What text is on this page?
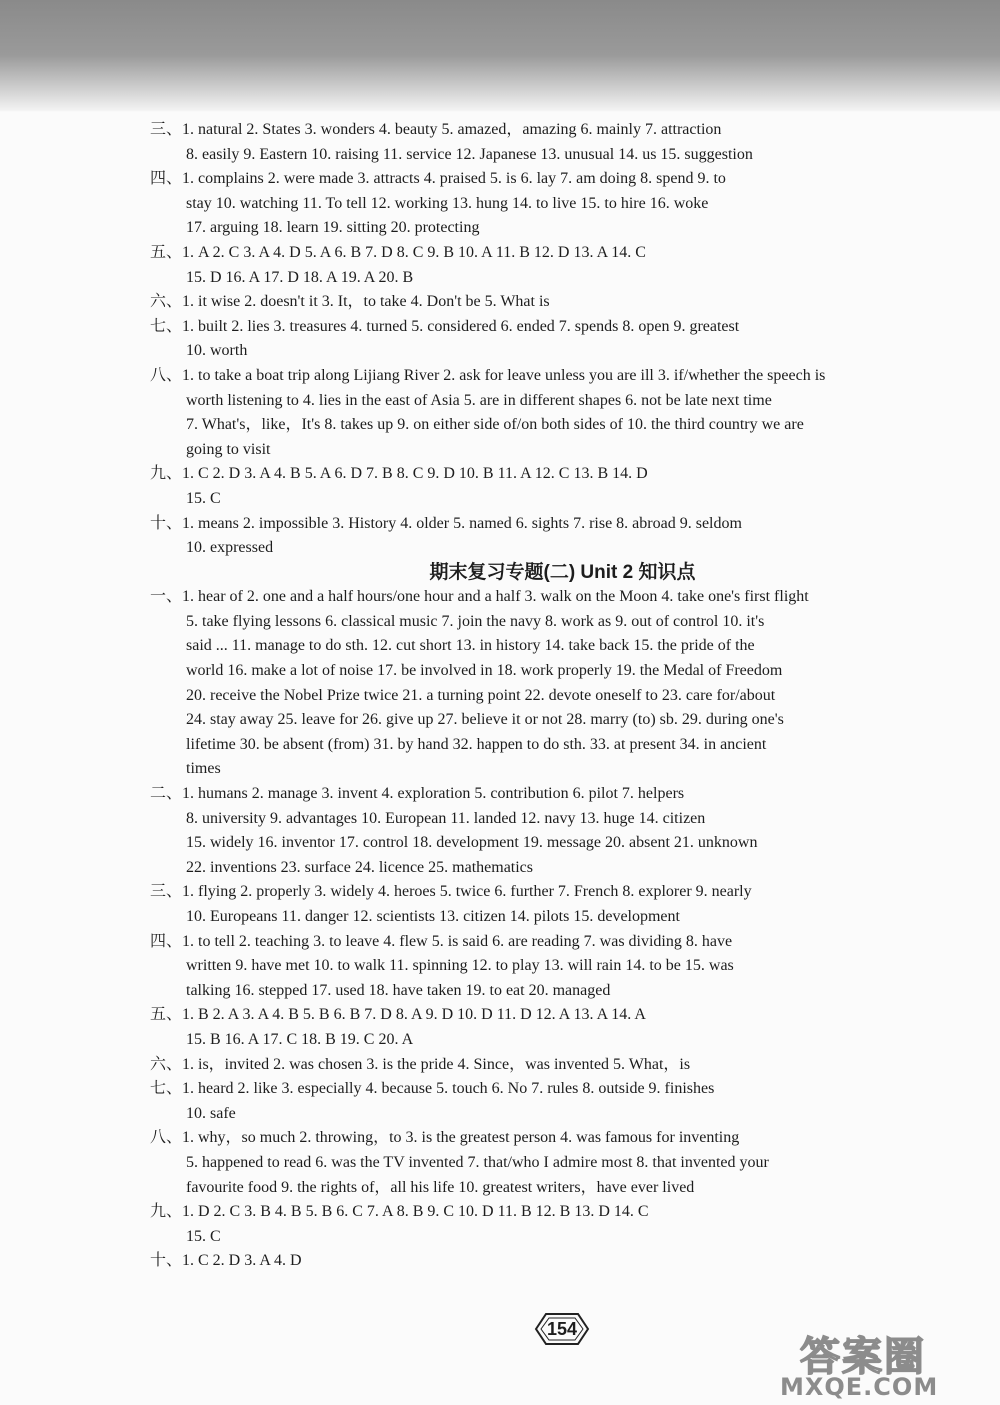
三、1. natural 2. States 3. wonders 4. beauty 5. amazed，amazing 6. mainly 7. attraction
8. easily 9. Eastern 10. raising 11. service 12. Japanese 13. unusual 14. us 15. suggestion
四、1. complains 2. were made 3. attracts 4. praised 5. is 6. lay 7. am doing 8. spend 9. to
stay 10. watching 11. To tell 12. working 13. hung 14. to live 15. to hire 16. woke
17. arguing 18. learn 19. sitting 20. protecting
五、1. A 2. C 3. A 4. D 5. A 6. B 7. D 8. C 9. B 10. A 11. B 12. D 13. A 14. C
15. D 16. A 17. D 18. A 19. A 20. B
六、1. it wise 2. doesn't it 3. It，to take 4. Don't be 5. What is
七、1. built 2. lies 3. treasures 4. turned 5. considered 6. ended 7. spends 8. open 9. greatest
10. worth
八、1. to take a boat trip along Lijiang River 2. ask for leave unless you are ill 3. if/whether the speech is
worth listening to 4. lies in the east of Asia 5. are in different shapes 6. not be late next time
7. What's，like，It's 8. takes up 9. on either side of/on both sides of 10. the third country we are
going to visit
九、1. C 2. D 3. A 4. B 5. A 6. D 7. B 8. C 9. D 10. B 11. A 12. C 13. B 14. D
15. C
十、1. means 2. impossible 3. History 4. older 5. named 6. sights 7. rise 8. abroad 9. seldom
10. expressed
期末复习专题(二) Unit 2 知识点
一、1. hear of 2. one and a half hours/one hour and a half 3. walk on the Moon 4. take one's first flight
5. take flying lessons 6. classical music 7. join the navy 8. work as 9. out of control 10. it's
said ... 11. manage to do sth. 12. cut short 13. in history 14. take back 15. the pride of the
world 16. make a lot of noise 17. be involved in 18. work properly 19. the Medal of Freedom
20. receive the Nobel Prize twice 21. a turning point 22. devote oneself to 23. care for/about
24. stay away 25. leave for 26. give up 27. believe it or not 28. marry (to) sb. 29. during one's
lifetime 30. be absent (from) 31. by hand 32. happen to do sth. 33. at present 34. in ancient
times
二、1. humans 2. manage 3. invent 4. exploration 5. contribution 6. pilot 7. helpers
8. university 9. advantages 10. European 11. landed 12. navy 13. huge 14. citizen
15. widely 16. inventor 17. control 18. development 19. message 20. absent 21. unknown
22. inventions 23. surface 24. licence 25. mathematics
三、1. flying 2. properly 3. widely 4. heroes 5. twice 6. further 7. French 8. explorer 9. nearly
10. Europeans 11. danger 12. scientists 13. citizen 14. pilots 15. development
四、1. to tell 2. teaching 3. to leave 4. flew 5. is said 6. are reading 7. was dividing 8. have
written 9. have met 10. to walk 11. spinning 12. to play 13. will rain 14. to be 15. was
talking 16. stepped 17. used 18. have taken 19. to eat 20. managed
五、1. B 2. A 3. A 4. B 5. B 6. B 7. D 8. A 9. D 10. D 11. D 12. A 13. A 14. A
15. B 16. A 17. C 18. B 19. C 20. A
六、1. is，invited 2. was chosen 3. is the pride 4. Since，was invented 5. What，is
七、1. heard 2. like 3. especially 4. because 5. touch 6. No 7. rules 8. outside 9. finishes
10. safe
八、1. why，so much 2. throwing，to 3. is the greatest person 4. was famous for inventing
5. happened to read 6. was the TV invented 7. that/who I admire most 8. that invented your
favourite food 9. the rights of，all his life 10. greatest writers，have ever lived
九、1. D 2. C 3. B 4. B 5. B 6. C 7. A 8. B 9. C 10. D 11. B 12. B 13. D 14. C
15. C
十、1. C 2. D 3. A 4. D
154
答案圈
MXQE.COM
